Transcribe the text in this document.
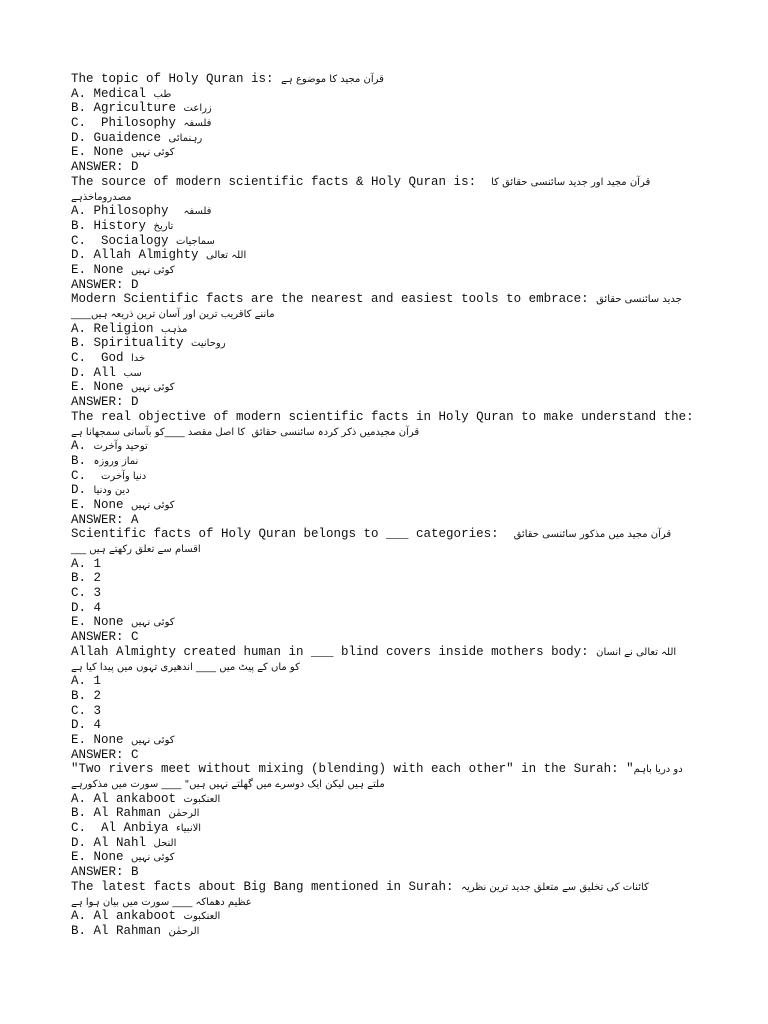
The topic of Holy Quran is: قرآن مجید کا موضوع ہے
A. Medical طب
B. Agriculture زراعت
C.  Philosophy فلسفہ
D. Guaidence رہنمائی
E. None کوئی نہیں
ANSWER: D
The source of modern scientific facts & Holy Quran is:  قرآن مجید اور جدید سائنسی حقائق کا
مصدروماخذہے
A. Philosophy  فلسفہ
B. History تاریخ
C.  Socialogy سماجیات
D. Allah Almighty اللہ تعالی
E. None کوئی نہیں
ANSWER: D
Modern Scientific facts are the nearest and easiest tools to embrace: جدید سائنسی حقائق
____ماننے کاقریب ترین اور آسان ترین ذریعہ ہیں
A. Religion مذہب
B. Spirituality روحانیت
C.  God خدا
D. All سب
E. None کوئی نہیں
ANSWER: D
The real objective of modern scientific facts in Holy Quran to make understand the:
قرآن مجیدمیں ذکر کردہ سائنسی حقائق  کا اصل مقصد ____کو بآسانی سمجھانا ہے
A. توحید وآخرت
B. نماز وروزہ
C.  دنیا وآخرت
D. دین ودنیا
E. None کوئی نہیں
ANSWER: A
Scientific facts of Holy Quran belongs to ___ categories:  قرآن مجید میں مذکور سائنسی حقائق
___ اقسام سے تعلق رکھتے ہیں
A. 1
B. 2
C. 3
D. 4
E. None کوئی نہیں
ANSWER: C
Allah Almighty created human in ___ blind covers inside mothers body: اللہ تعالی نے انسان
کو ماں کے پیٹ میں ____ اندھیری تہوں میں پیدا کیا ہے
A. 1
B. 2
C. 3
D. 4
E. None کوئی نہیں
ANSWER: C
"Two rivers meet without mixing (blending) with each other" in the Surah: "دو دریا باہم
ملتے ہیں لیکن ایک دوسرے میں گھلتے نہیں ہیں" ____ سورت میں مذکورہے
A. Al ankaboot العنکبوت
B. Al Rahman الرحمٰن
C.  Al Anbiya الانبیاء
D. Al Nahl النحل
E. None کوئی نہیں
ANSWER: B
The latest facts about Big Bang mentioned in Surah: کائنات کی تخلیق سے متعلق جدید ترین نظریہ
عظیم دھماکہ ____ سورت میں بیان ہوا ہے
A. Al ankaboot العنکبوت
B. Al Rahman الرحمٰن
